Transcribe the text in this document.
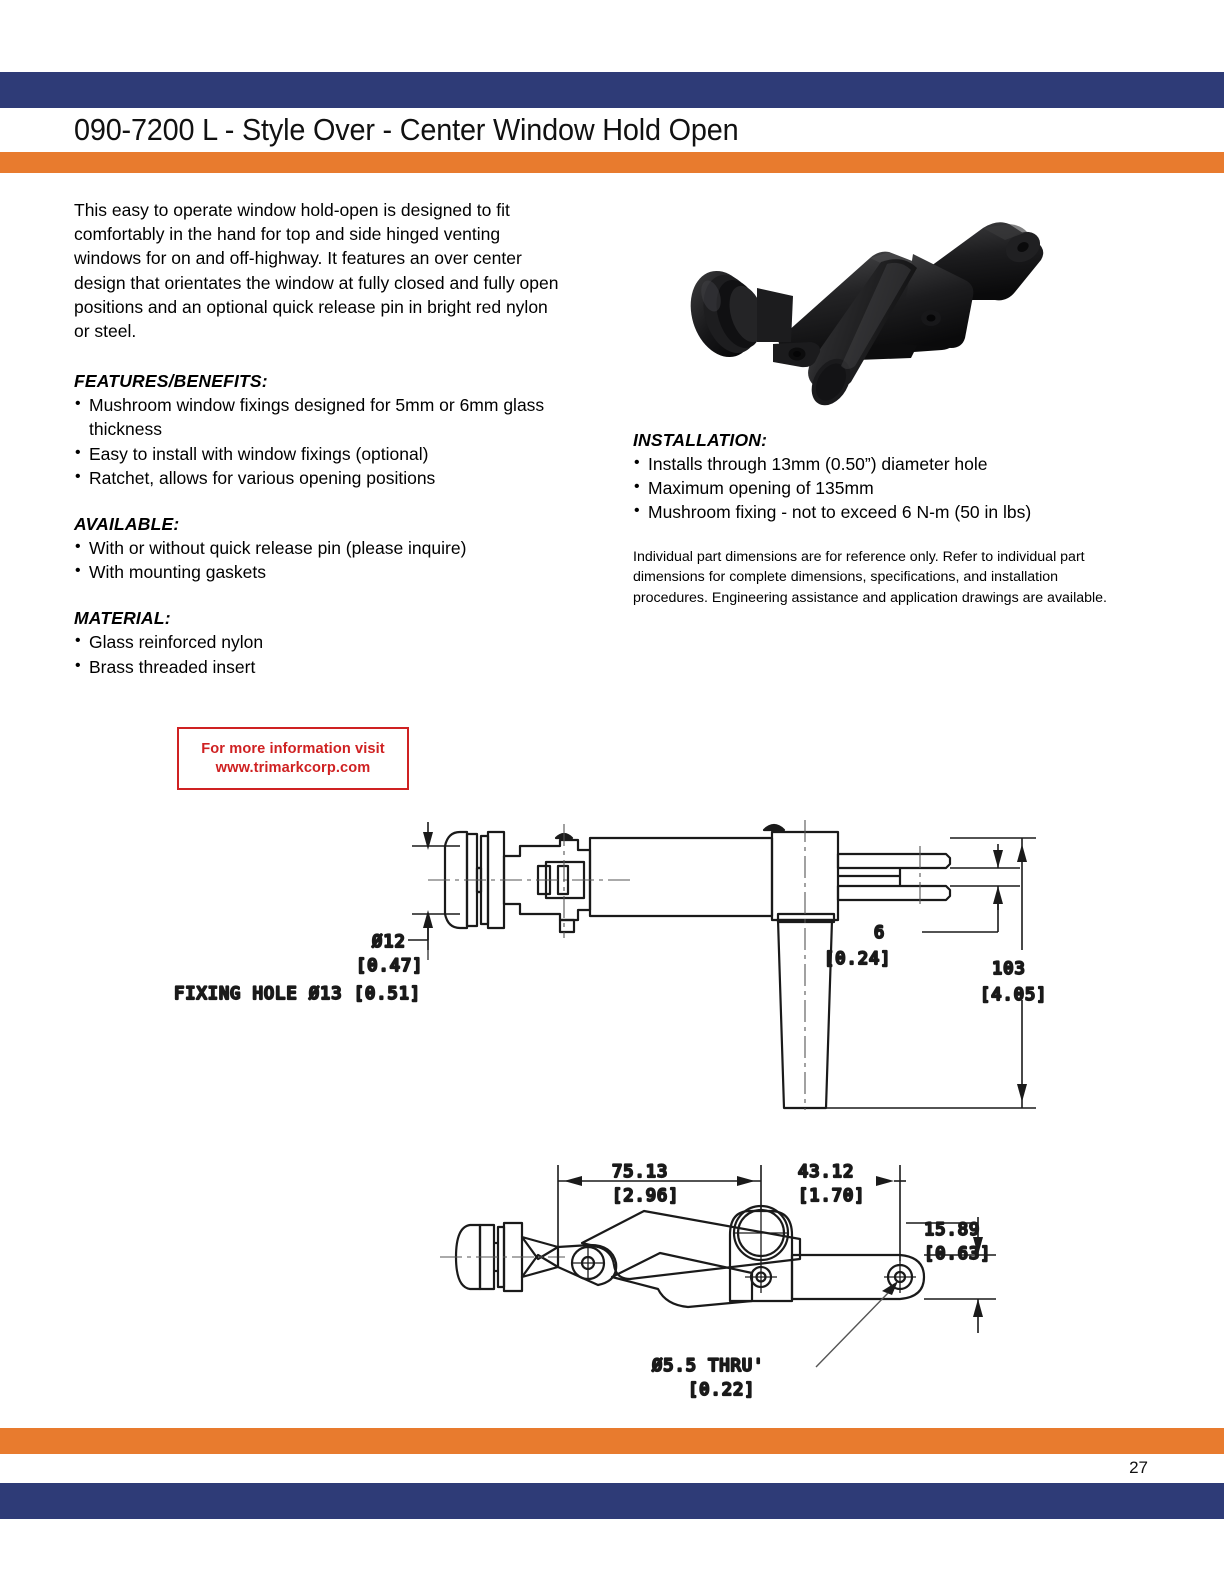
090-7200 L - Style Over - Center Window Hold Open
27

This easy to operate window hold-open is designed to fit comfortably in the hand for top and side hinged venting windows for on and off-highway. It features an over center design that orientates the window at fully closed and fully open positions and an optional quick release pin in bright red nylon or steel.

FEATURES/BENEFITS:
• Mushroom window fixings designed for 5mm or 6mm glass thickness
• Easy to install with window fixings (optional)
• Ratchet, allows for various opening positions
AVAILABLE:
• With or without quick release pin (please inquire)
• With mounting gaskets
MATERIAL:
• Glass reinforced nylon
• Brass threaded insert
INSTALLATION:
• Installs through 13mm (0.50”) diameter hole
• Maximum opening of 135mm
• Mushroom fixing - not to exceed 6 N-m (50 in lbs)

Individual part dimensions are for reference only. Refer to individual part dimensions for complete dimensions, specifications, and installation procedures. Engineering assistance and application drawings are available.

For more information visit
www.trimarkcorp.com
Ø12
[0.47]
FIXING HOLE Ø13 [0.51]
6
[0.24]	103
[4.05]
75.13
[2.96]
43.12
[1.70]
15.89
[0.63]
Ø5.5 THRU'
[0.22]
